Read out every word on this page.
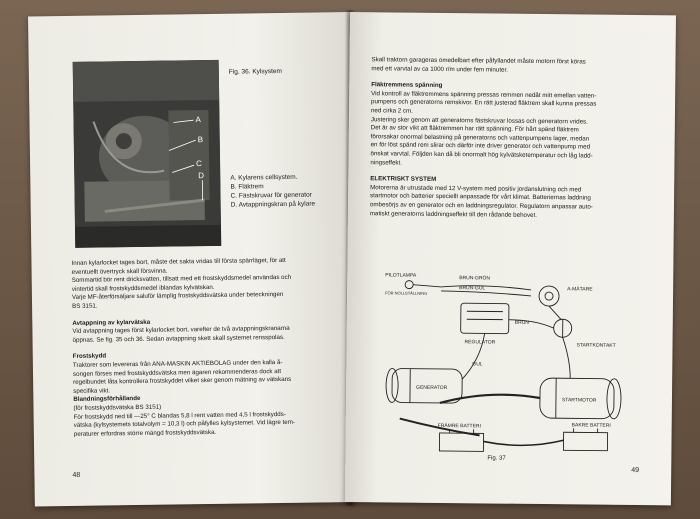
A
B
C
D
Fig. 36. Kylsystem
A. Kylarens cellsystem.
B. Fläktrem
C. Fästskruvar för generator
D. Avtappningskran på kylare

Innan kylarlocket tages bort, måste det sakta vridas till första spärrläget, för att

eventuellt övertryck skall försvinna.

Sommartid bör rent dricksvatten, tillsatt med ett frostskyddsmedel användas och

vintertid skall frostskyddsmedel iblandas kylvätskan.

Varje MF-återförsäljare saluför lämplig frostskyddsvätska under beteckningen

BS 3151.

Avtappning av kylarvätska

Vid avtappning tages först kylarlocket bort, varefter de två avtappningskranarna

öppnas. Se fig. 35 och 36. Sedan avtappning skett skall systemet rensspolas.

Frostskydd

Traktorer som levereras från ANA-MASKIN AKTIEBOLAG under den kalla å-

songen förses med frostskyddsvätska men ägaren rekommenderas dock att

regelbundet låta kontrollera frostskyddet vilket sker genom mätning av vätskans

specifika vikt.

Blandningsförhållande

(för frostskyddsvätska BS 3151)

För frostskydd ned till —25° C blandas 5,8 l rent vatten med 4,5 l frostskydds-

vätska (kylsystemets totalvolym = 10,3 l) och påfylles kylsystemet. Vid lägre tem-

peraturer erfordras större mängd frostskyddsvätska.

48

Skall traktorn garageras omedelbart efter påfyllandet måste motorn först köras

med ett varvtal av ca 1000 r/m under fem minuter.

Fläktremmens spänning

Vid kontroll av fläktremmens spänning pressas remmen nedåt mitt emellan vatten-

pumpens och generatorns remskivor. En rätt justerad fläktrem skall kunna pressas

ned cirka 2 cm.

Justering sker genom att generatorns fästskruvar lossas och generatorn vrides.

Det är av stor vikt att fläktremmen har rätt spänning. För hårt spänd fläktrem

förorsakar onormal belastning på generatorns och vattenpumpens lager, medan

en för löst spänd rem slirar och därför inte driver generator och vattenpump med

önskat varvtal. Följden kan då bli onormalt hög kylvätsketemperatur och låg ladd-

ningseffekt.

ELEKTRISKT SYSTEM

Motorerna är utrustade med 12 V-system med positiv jordanslutning och med

startmotor och batterier speciellt anpassade för vårt klimat. Batteriernas laddning

ombesörjs av en generator och en laddningsregulator. Regulatorn anpassar auto-

matiskt generatorns laddningseffekt till den rådande behovet.

PILOTLAMPA
FÖR NOLLSTÄLLNING
BRUN-GRÖN
BRUN-GUL	A-MÄTARE
REGULATOR
BRUN
STARTKONTAKT
GENERATOR
GUL
STARTMOTOR
FRÄMRE BATTERI	BAKRE BATTERI
Fig. 37
49
